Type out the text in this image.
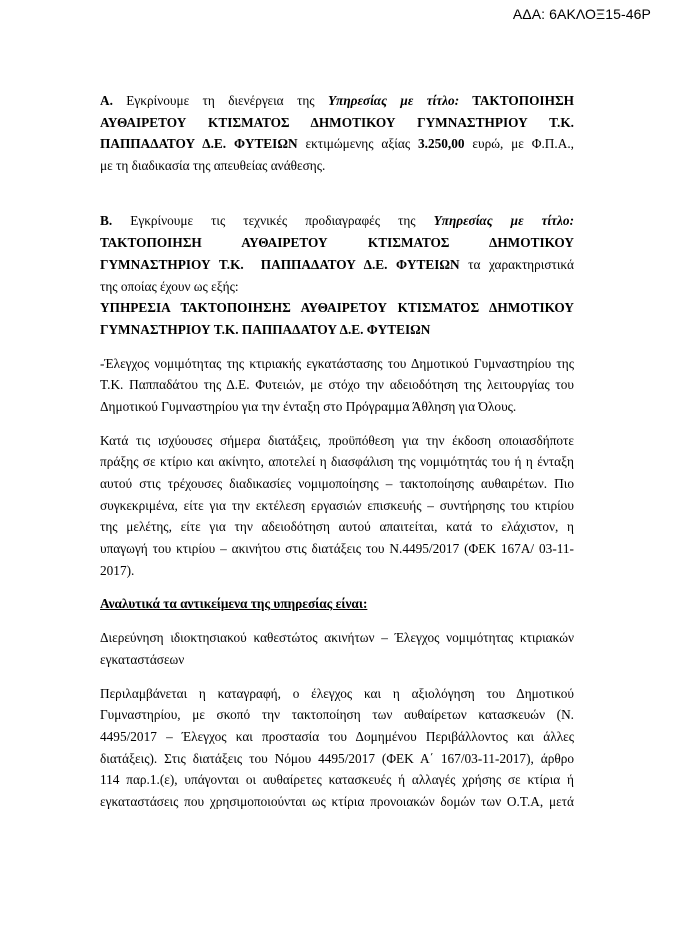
ΑΔΑ: 6ΑΚΛΟΞ15-46Ρ
Α. Εγκρίνουμε τη διενέργεια της Υπηρεσίας με τίτλο: ΤΑΚΤΟΠΟΙΗΣΗ
ΑΥΘΑΙΡΕΤΟΥ ΚΤΙΣΜΑΤΟΣ ΔΗΜΟΤΙΚΟΥ ΓΥΜΝΑΣΤΗΡΙΟΥ Τ.Κ.
ΠΑΠΠΑΔΑΤΟΥ Δ.Ε. ΦΥΤΕΙΩΝ εκτιμώμενης αξίας 3.250,00 ευρώ, με Φ.Π.Α.,
με τη διαδικασία της απευθείας ανάθεσης.
Β. Εγκρίνουμε τις τεχνικές προδιαγραφές της Υπηρεσίας με τίτλο:
ΤΑΚΤΟΠΟΙΗΣΗ ΑΥΘΑΙΡΕΤΟΥ ΚΤΙΣΜΑΤΟΣ ΔΗΜΟΤΙΚΟΥ
ΓΥΜΝΑΣΤΗΡΙΟΥ Τ.Κ.  ΠΑΠΠΑΔΑΤΟΥ Δ.Ε. ΦΥΤΕΙΩΝ τα χαρακτηριστικά
της οποίας έχουν ως εξής:
ΥΠΗΡΕΣΙΑ ΤΑΚΤΟΠΟΙΗΣΗΣ ΑΥΘΑΙΡΕΤΟΥ ΚΤΙΣΜΑΤΟΣ ΔΗΜΟΤΙΚΟΥ
ΓΥΜΝΑΣΤΗΡΙΟΥ Τ.Κ. ΠΑΠΠΑΔΑΤΟΥ Δ.Ε. ΦΥΤΕΙΩΝ
-Έλεγχος νομιμότητας της κτιριακής εγκατάστασης του Δημοτικού Γυμναστηρίου της
Τ.Κ. Παππαδάτου της Δ.Ε. Φυτειών, με στόχο την αδειοδότηση της λειτουργίας του
Δημοτικού Γυμναστηρίου για την ένταξη στο Πρόγραμμα Άθληση για Όλους.
Κατά τις ισχύουσες σήμερα διατάξεις, προϋπόθεση για την έκδοση οποιασδήποτε
πράξης σε κτίριο και ακίνητο, αποτελεί η διασφάλιση της νομιμότητάς του ή η ένταξη
αυτού στις τρέχουσες διαδικασίες νομιμοποίησης – τακτοποίησης αυθαιρέτων. Πιο
συγκεκριμένα, είτε για την εκτέλεση εργασιών επισκευής – συντήρησης του κτιρίου
της μελέτης, είτε για την αδειοδότηση αυτού απαιτείται, κατά το ελάχιστον, η
υπαγωγή του κτιρίου – ακινήτου στις διατάξεις του Ν.4495/2017 (ΦΕΚ 167Α/ 03-11-
2017).
Αναλυτικά τα αντικείμενα της υπηρεσίας είναι:
Διερεύνηση ιδιοκτησιακού καθεστώτος ακινήτων – Έλεγχος νομιμότητας κτιριακών
εγκαταστάσεων
Περιλαμβάνεται η καταγραφή, ο έλεγχος και η αξιολόγηση του Δημοτικού
Γυμναστηρίου, με σκοπό την τακτοποίηση των αυθαίρετων κατασκευών (Ν.
4495/2017 – Έλεγχος και προστασία του Δομημένου Περιβάλλοντος και άλλες
διατάξεις). Στις διατάξεις του Νόμου 4495/2017 (ΦΕΚ Α΄ 167/03-11-2017), άρθρο
114 παρ.1.(ε), υπάγονται οι αυθαίρετες κατασκευές ή αλλαγές χρήσης σε κτίρια ή
εγκαταστάσεις που χρησιμοποιούνται ως κτίρια προνοιακών δομών των Ο.Τ.Α, μετά
